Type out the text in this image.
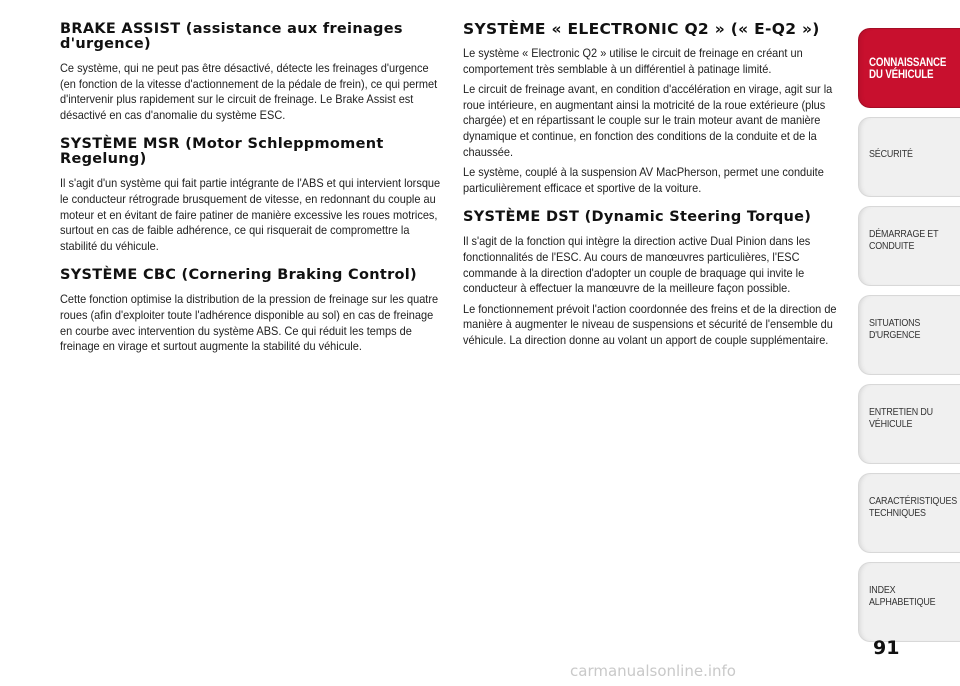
BRAKE ASSIST (assistance aux freinages d'urgence)

Ce système, qui ne peut pas être désactivé, détecte les freinages d'urgence (en fonction de la vitesse d'actionnement de la pédale de frein), ce qui permet d'intervenir plus rapidement sur le circuit de freinage. Le Brake Assist est désactivé en cas d'anomalie du système ESC.

SYSTÈME MSR (Motor Schleppmoment Regelung)

Il s'agit d'un système qui fait partie intégrante de l'ABS et qui intervient lorsque le conducteur rétrograde brusquement de vitesse, en redonnant du couple au moteur et en évitant de faire patiner de manière excessive les roues motrices, surtout en cas de faible adhérence, ce qui risquerait de compromettre la stabilité du véhicule.

SYSTÈME CBC (Cornering Braking Control)

Cette fonction optimise la distribution de la pression de freinage sur les quatre roues (afin d'exploiter toute l'adhérence disponible au sol) en cas de freinage en courbe avec intervention du système ABS. Ce qui réduit les temps de freinage en virage et surtout augmente la stabilité du véhicule.

SYSTÈME « ELECTRONIC Q2 » (« E-Q2 »)

Le système « Electronic Q2 » utilise le circuit de freinage en créant un comportement très semblable à un différentiel à patinage limité.

Le circuit de freinage avant, en condition d'accélération en virage, agit sur la roue intérieure, en augmentant ainsi la motricité de la roue extérieure (plus chargée) et en répartissant le couple sur le train moteur avant de manière dynamique et continue, en fonction des conditions de la conduite et de la chaussée.

Le système, couplé à la suspension AV MacPherson, permet une conduite particulièrement efficace et sportive de la voiture.

SYSTÈME DST (Dynamic Steering Torque)

Il s'agit de la fonction qui intègre la direction active Dual Pinion dans les fonctionnalités de l'ESC. Au cours de manœuvres particulières, l'ESC commande à la direction d'adopter un couple de braquage qui invite le conducteur à effectuer la manœuvre de la meilleure façon possible.

Le fonctionnement prévoit l'action coordonnée des freins et de la direction de manière à augmenter le niveau de suspensions et sécurité de l'ensemble du véhicule. La direction donne au volant un apport de couple supplémentaire.

CONNAISSANCE
DU VÉHICULE
SÉCURITÉ
DÉMARRAGE ET
CONDUITE
SITUATIONS
D'URGENCE
ENTRETIEN DU
VÉHICULE
CARACTÉRISTIQUES
TECHNIQUES
INDEX
ALPHABETIQUE
91
carmanualsonline.info
